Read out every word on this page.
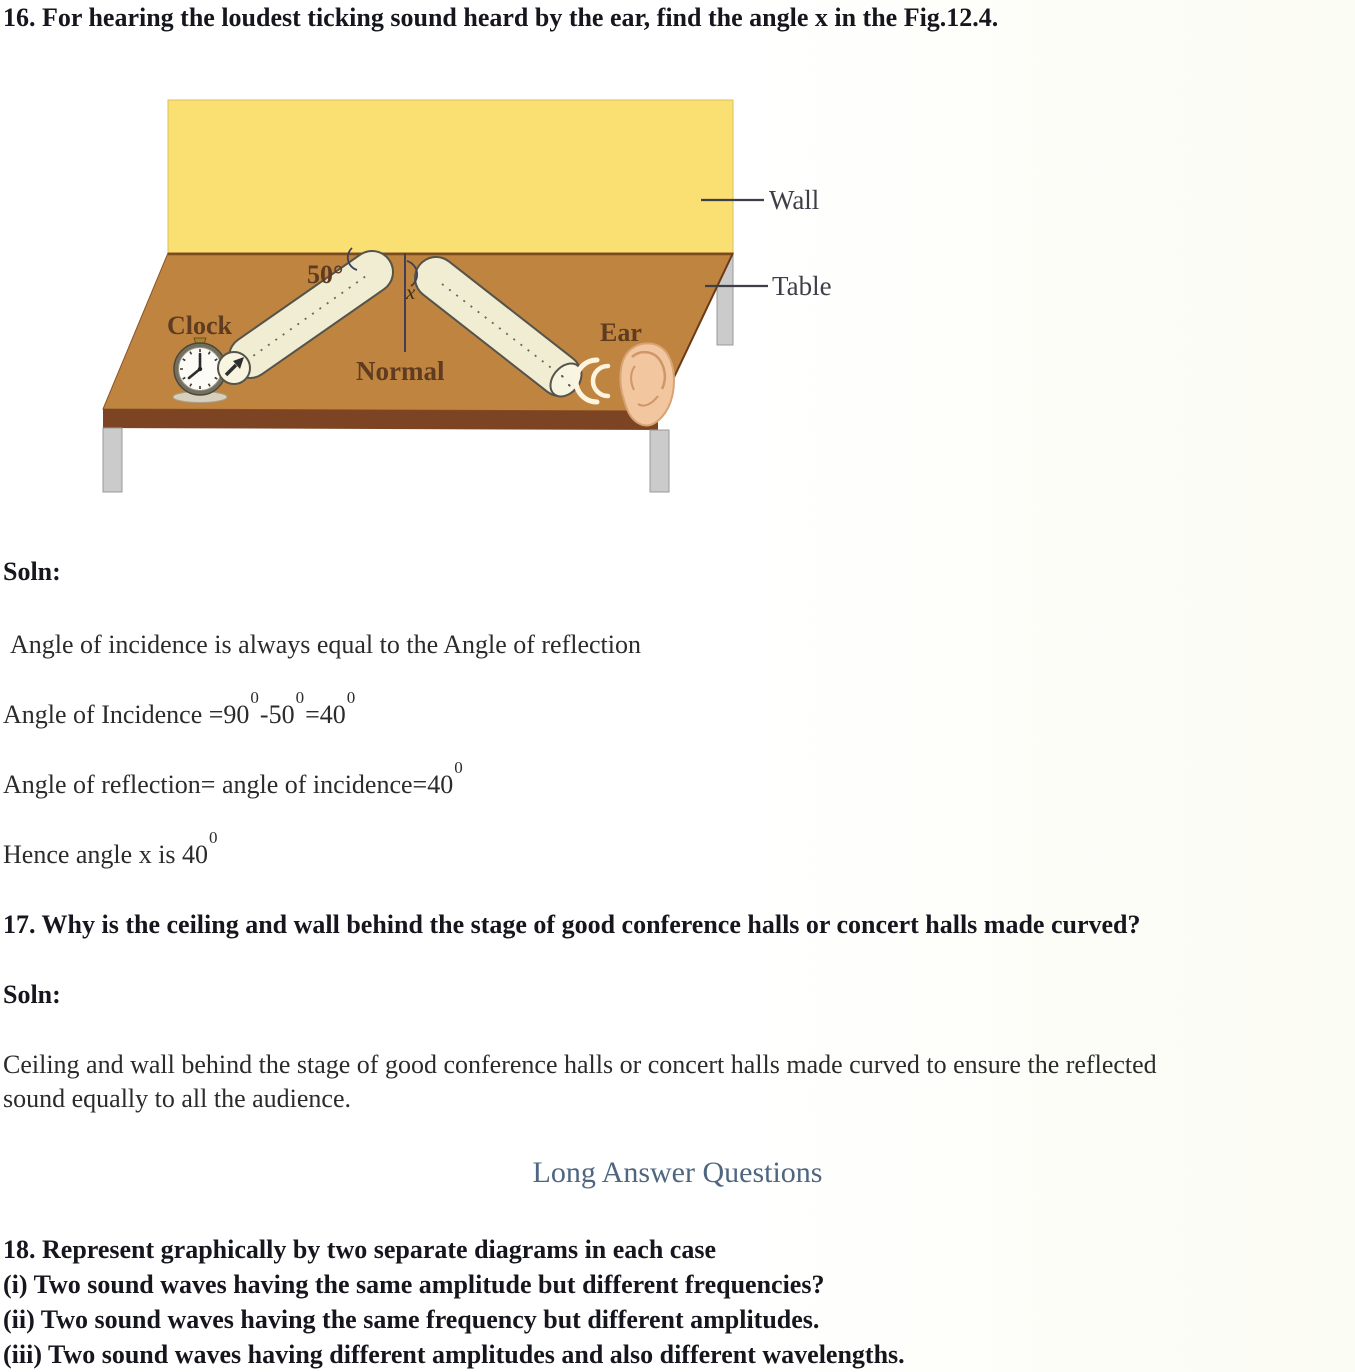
16. For hearing the loudest ticking sound heard by the ear, find the angle x in the Fig.12.4.
50°
x
Clock
Normal
Ear
Wall
Table
Soln:
Angle of incidence is always equal to the Angle of reflection
Angle of Incidence $=90^0-50^0=40^0$
Angle of reflection= angle of $incidence=40^0$
Hence angle x is $40^0$
17. Why is the ceiling and wall behind the stage of good conference halls or concert halls made curved?
Soln:
Ceiling and wall behind the stage of good conference halls or concert halls made curved to ensure the reflected
sound equally to all the audience.
Long Answer Questions
18. Represent graphically by two separate diagrams in each case
(i) Two sound waves having the same amplitude but different frequencies?
(ii) Two sound waves having the same frequency but different amplitudes.
(iii) Two sound waves having different amplitudes and also different wavelengths.
